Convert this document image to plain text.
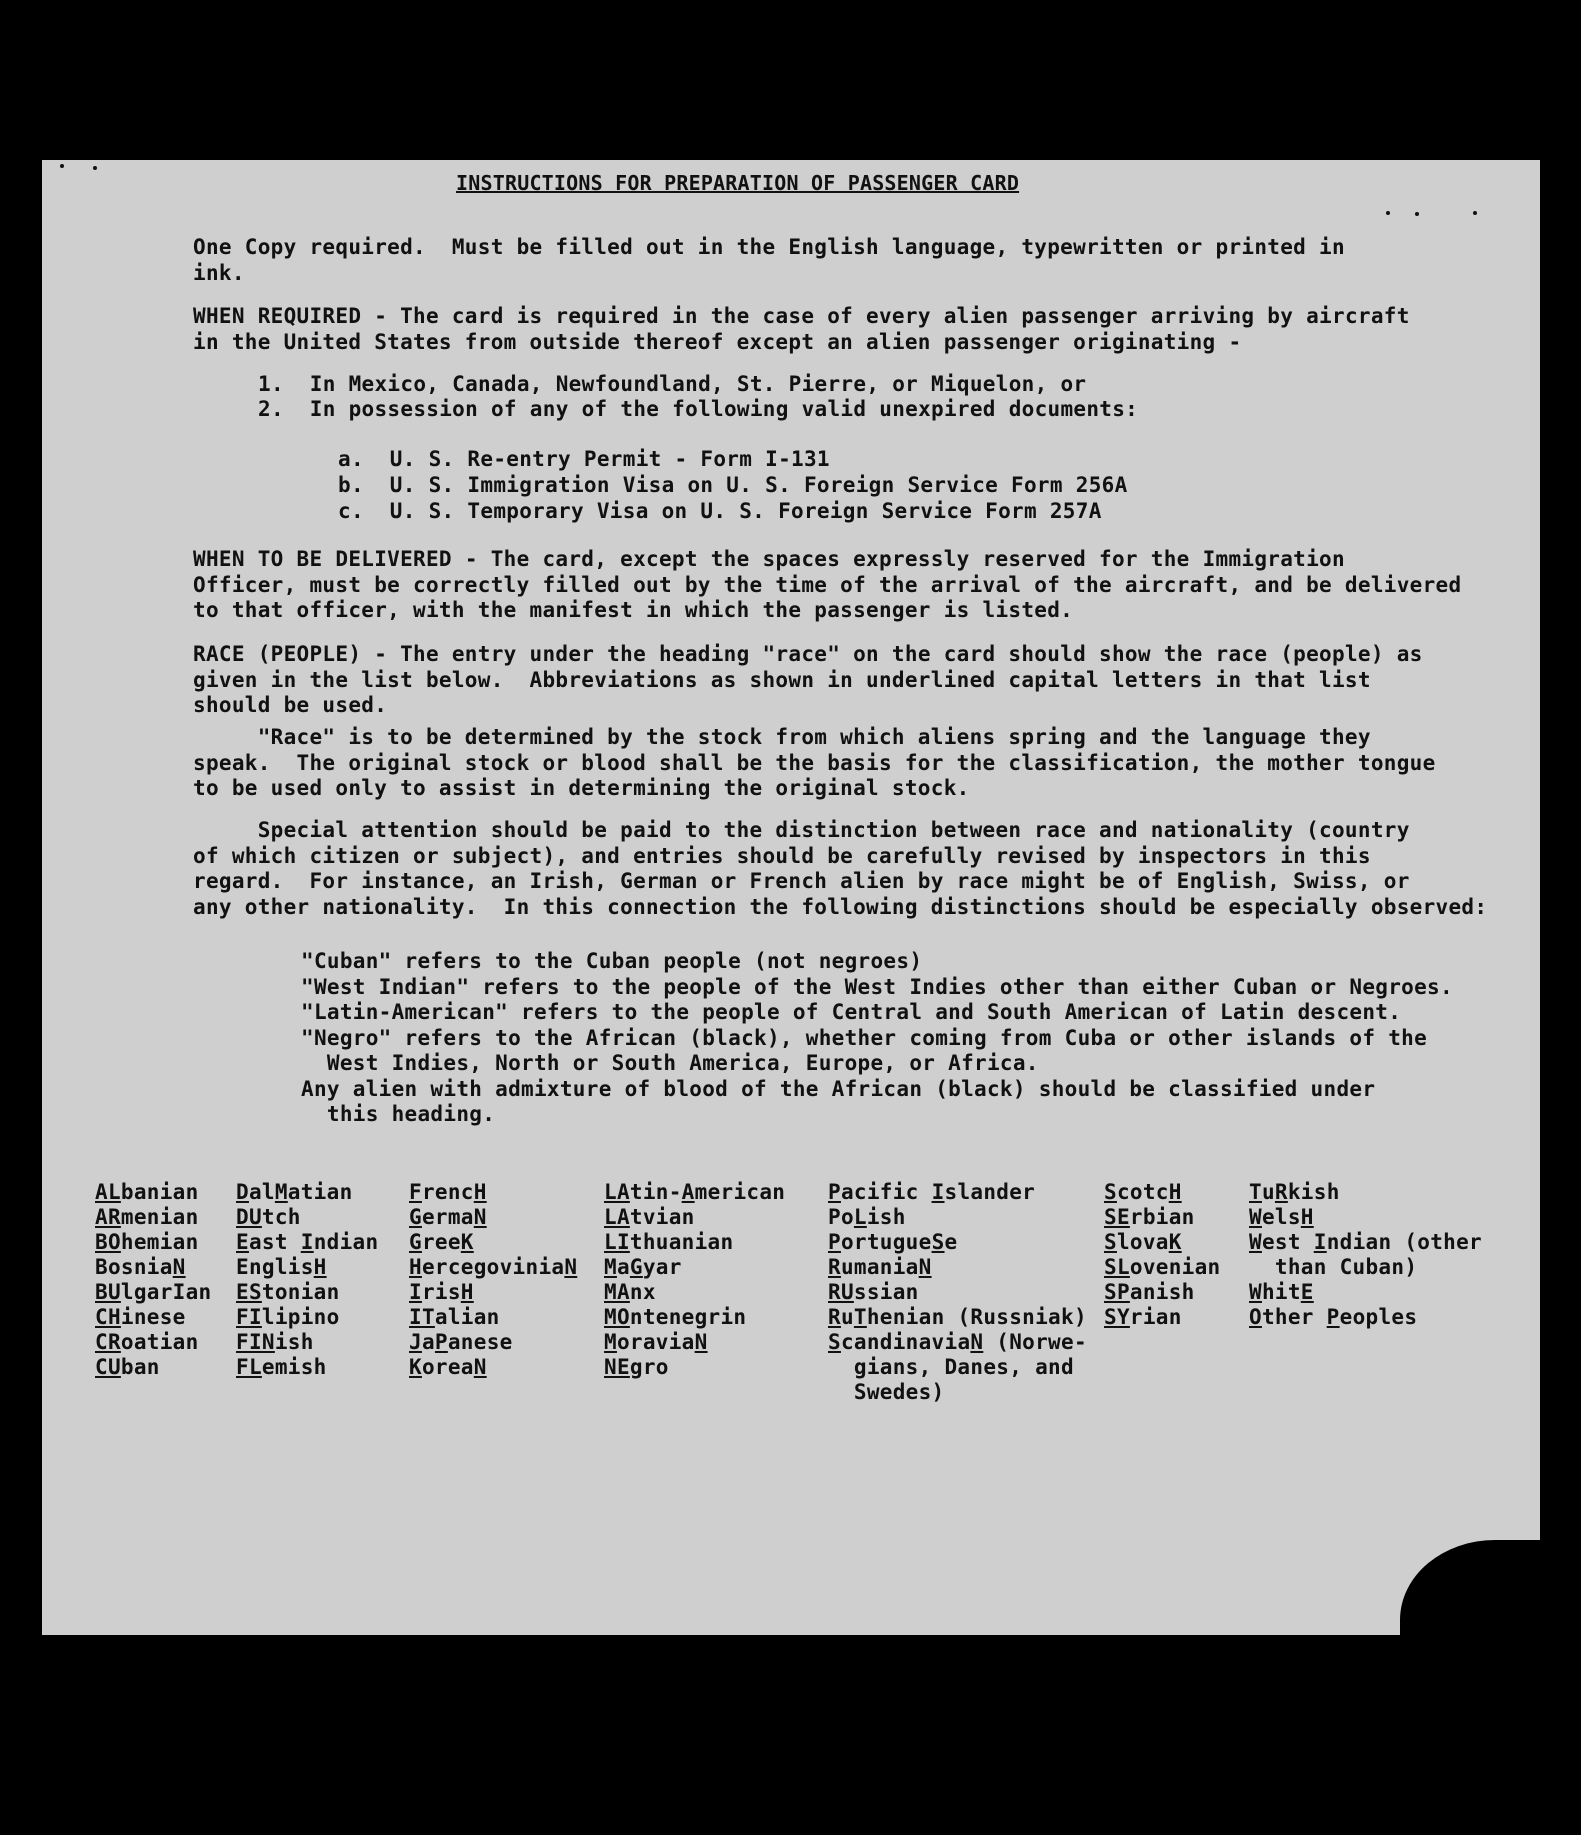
INSTRUCTIONS FOR PREPARATION OF PASSENGER CARD
One Copy required.  Must be filled out in the English language, typewritten or printed in
ink.
WHEN REQUIRED - The card is required in the case of every alien passenger arriving by aircraft
in the United States from outside thereof except an alien passenger originating -
1.  In Mexico, Canada, Newfoundland, St. Pierre, or Miquelon, or
2.  In possession of any of the following valid unexpired documents:
a.  U. S. Re-entry Permit - Form I-131
b.  U. S. Immigration Visa on U. S. Foreign Service Form 256A
c.  U. S. Temporary Visa on U. S. Foreign Service Form 257A
WHEN TO BE DELIVERED - The card, except the spaces expressly reserved for the Immigration
Officer, must be correctly filled out by the time of the arrival of the aircraft, and be delivered
to that officer, with the manifest in which the passenger is listed.
RACE (PEOPLE) - The entry under the heading "race" on the card should show the race (people) as
given in the list below.  Abbreviations as shown in underlined capital letters in that list
should be used.
"Race" is to be determined by the stock from which aliens spring and the language they
speak.  The original stock or blood shall be the basis for the classification, the mother tongue
to be used only to assist in determining the original stock.
Special attention should be paid to the distinction between race and nationality (country
of which citizen or subject), and entries should be carefully revised by inspectors in this
regard.  For instance, an Irish, German or French alien by race might be of English, Swiss, or
any other nationality.  In this connection the following distinctions should be especially observed:
"Cuban" refers to the Cuban people (not negroes)
"West Indian" refers to the people of the West Indies other than either Cuban or Negroes.
"Latin-American" refers to the people of Central and South American of Latin descent.
"Negro" refers to the African (black), whether coming from Cuba or other islands of the
West Indies, North or South America, Europe, or Africa.
Any alien with admixture of blood of the African (black) should be classified under
this heading.
ALbanian
ARmenian
BOhemian
BosniaN
BUlgarIan
CHinese
CRoatian
CUban
DalMatian
DUtch
East Indian
EnglisH
EStonian
FIlipino
FINish
FLemish
FrencH
GermaN
GreeK
HercegoviniaN
IrisH
ITalian
JaPanese
KoreaN
LAtin-American
LAtvian
LIthuanian
MaGyar
MAnx
MOntenegrin
MoraviaN
NEgro
Pacific Islander
PoLish
PortugueSe
RumaniaN
RUssian
RuThenian (Russniak)
ScandinaviaN (Norwe-
gians, Danes, and
Swedes)
ScotcH
SErbian
SlovaK
SLovenian
SPanish
SYrian
TuRkish
WelsH
West Indian (other
than Cuban)
WhitE
Other Peoples
